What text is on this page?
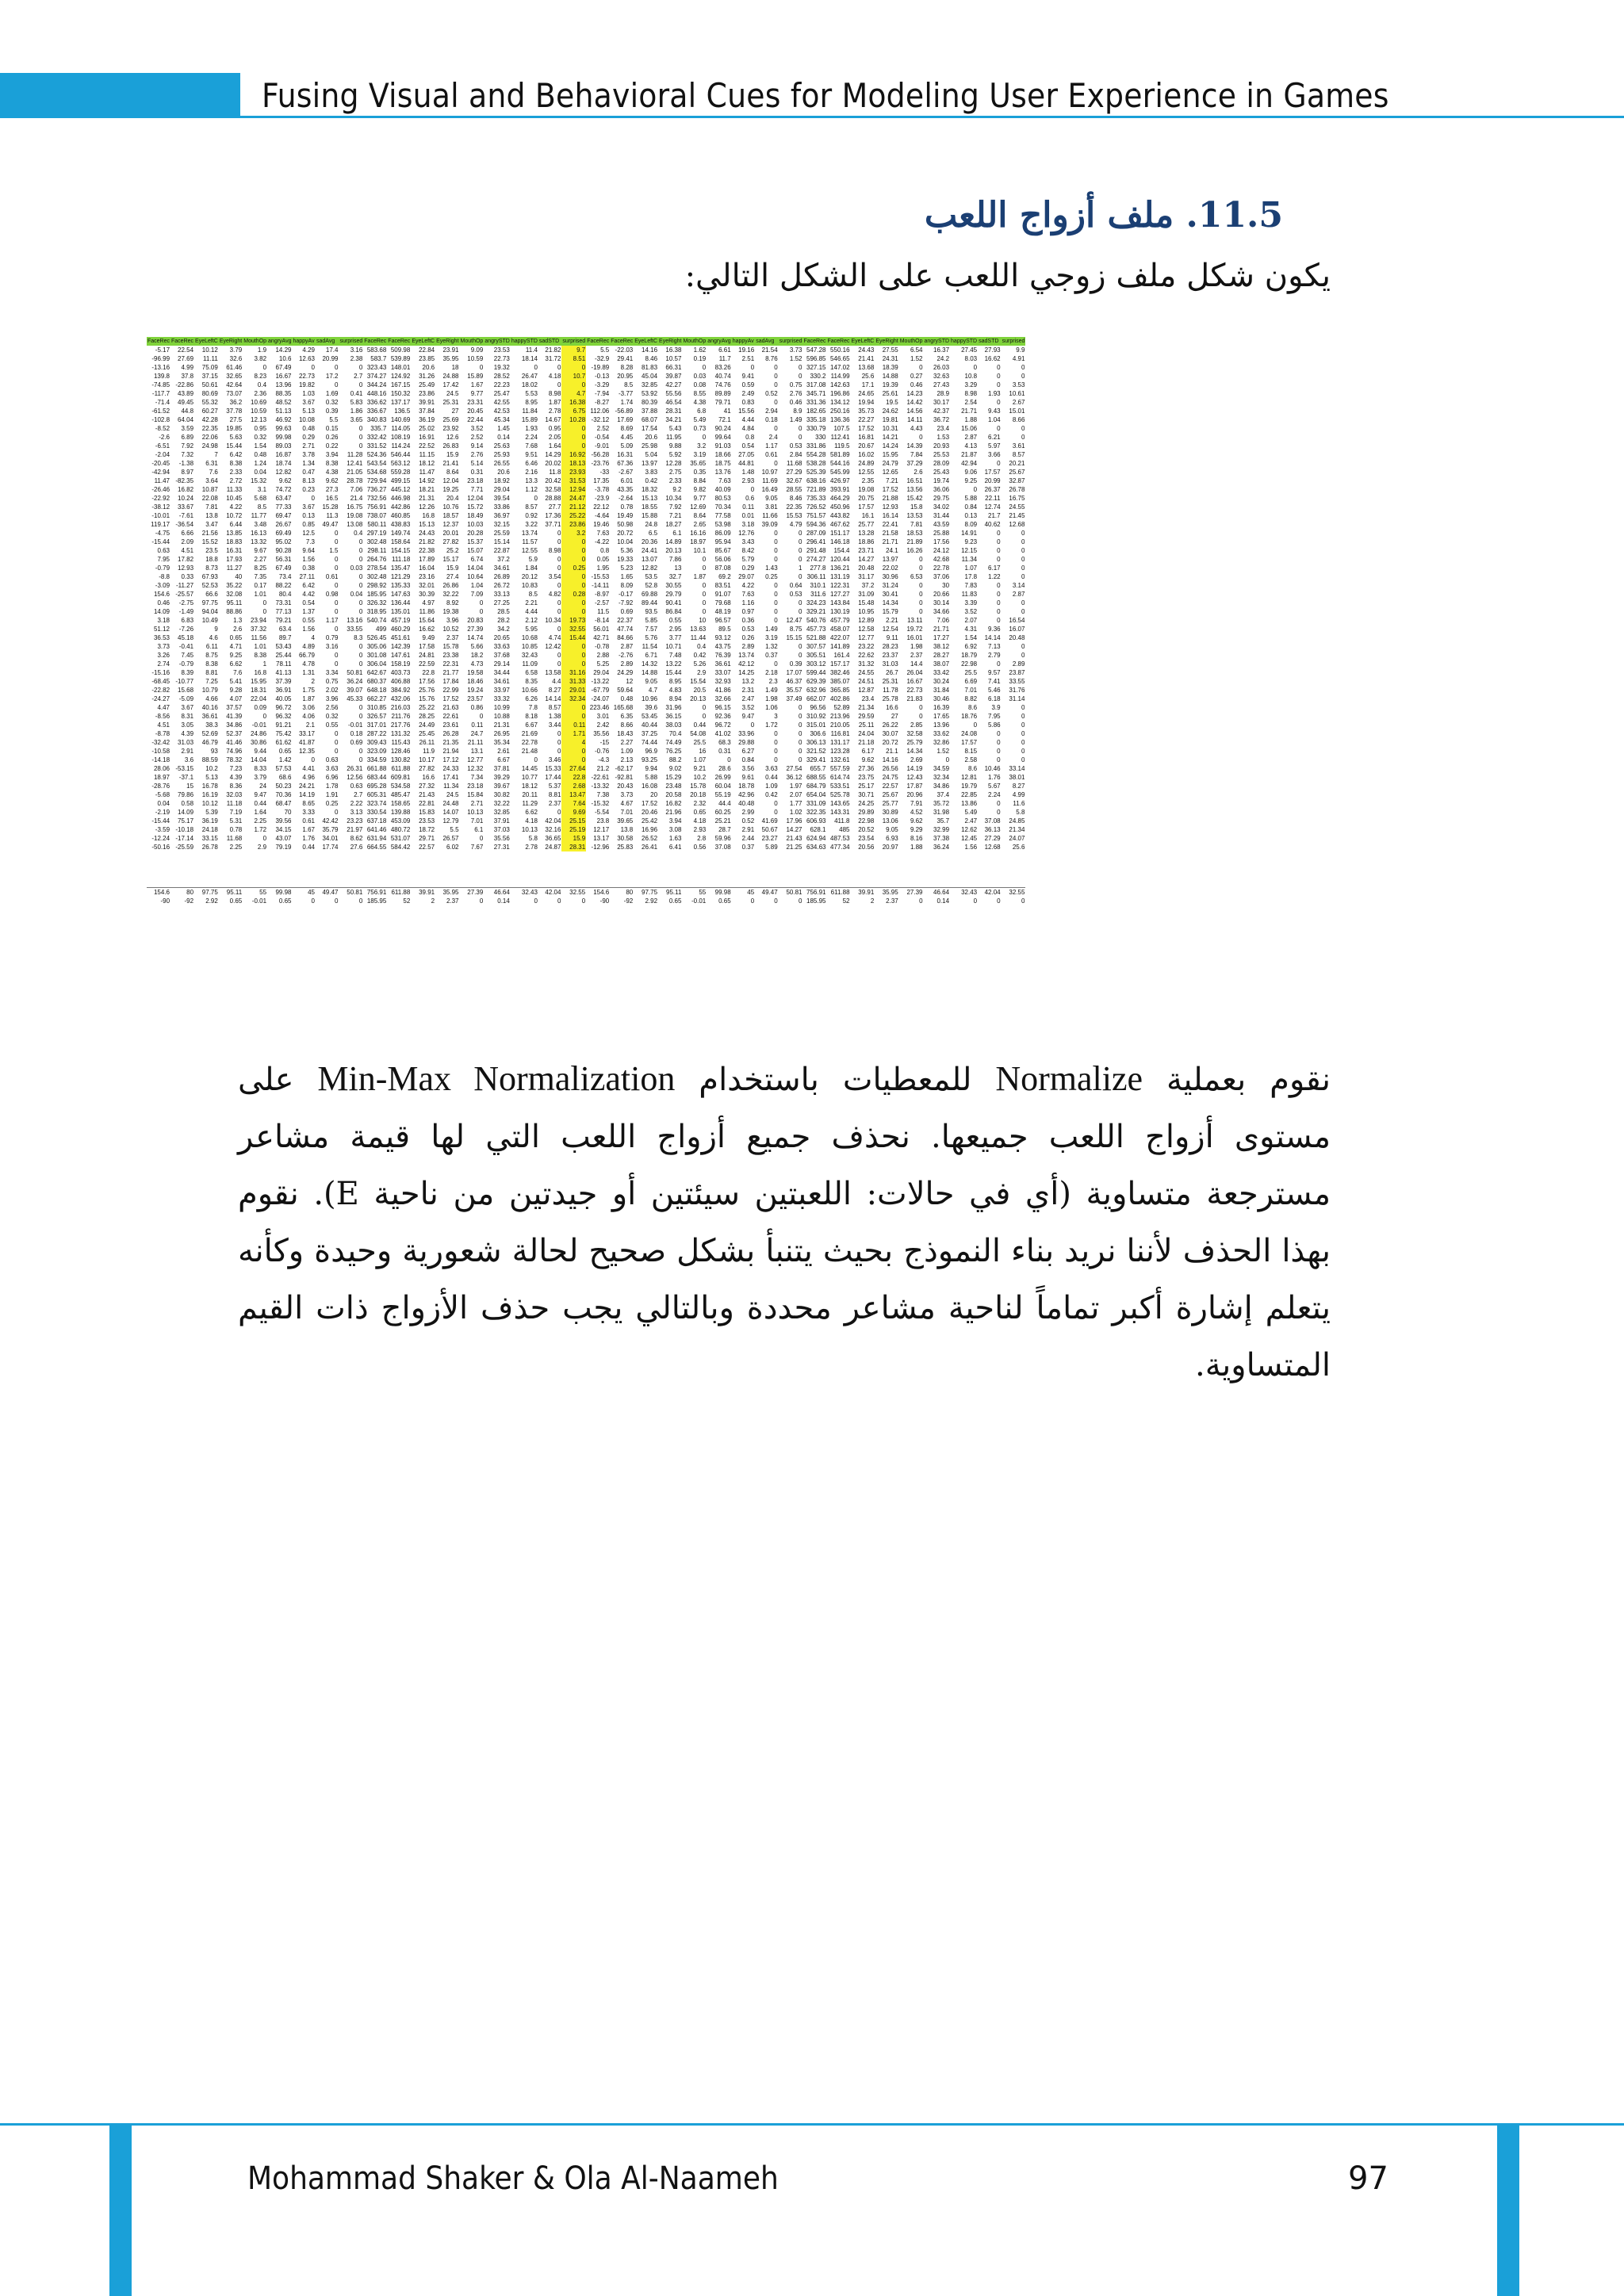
Fusing Visual and Behavioral Cues for Modeling User Experience in Games
11.5. ملف أزواج اللعب
يكون شكل ملف زوجي اللعب على الشكل التالي:
FaceRec	FaceRec	EyeLeftC	EyeRight	MouthOp	angryAvg	happyAv	sadAvg	surprised	FaceRec	FaceRec	EyeLeftC	EyeRight	MouthOp	angrySTD	happySTD	sadSTD	surprised	FaceRec	FaceRec	EyeLeftC	EyeRight	MouthOp	angryAvg	happyAv	sadAvg	surprised	FaceRec	FaceRec	EyeLeftC	EyeRight	MouthOp	angrySTD	happySTD	sadSTD	surprised
-5.17	22.54	10.12	3.79	1.9	14.29	4.29	17.4	3.16	583.68	509.98	22.84	23.91	9.09	23.53	11.4	21.82	9.7	5.5	-22.03	14.16	16.38	1.62	6.61	19.16	21.54	3.73	547.28	550.16	24.43	27.55	6.54	16.37	27.45	27.93	9.9
-96.99	27.69	11.11	32.6	3.82	10.6	12.63	20.99	2.38	583.7	539.89	23.85	35.95	10.59	22.73	18.14	31.72	8.51	-32.9	29.41	8.46	10.57	0.19	11.7	2.51	8.76	1.52	596.85	546.65	21.41	24.31	1.52	24.2	8.03	16.62	4.91
-13.16	4.99	75.09	61.46	0	67.49	0	0	0	323.43	148.01	20.6	18	0	19.32	0	0	0	-19.89	8.28	81.83	66.31	0	83.26	0	0	0	327.15	147.02	13.68	18.39	0	26.03	0	0	0
139.8	37.8	37.15	32.65	8.23	16.67	22.73	17.2	2.7	374.27	124.92	31.26	24.88	15.89	28.52	26.47	4.18	10.7	-0.13	20.95	45.04	39.87	0.03	40.74	9.41	0	0	330.2	114.99	25.6	14.88	0.27	32.63	10.8	0	0
-74.85	-22.86	50.61	42.64	0.4	13.96	19.82	0	0	344.24	167.15	25.49	17.42	1.67	22.23	18.02	0	0	-3.29	8.5	32.85	42.27	0.08	74.76	0.59	0	0.75	317.08	142.63	17.1	19.39	0.46	27.43	3.29	0	3.53
-117.7	43.89	80.69	73.07	2.36	88.35	1.03	1.69	0.41	448.16	150.32	23.86	24.5	9.77	25.47	5.53	8.98	4.7	-7.94	-3.77	53.92	55.56	8.55	89.89	2.49	0.52	2.76	345.71	196.86	24.65	25.61	14.23	28.9	8.98	1.93	10.61
-71.4	49.45	55.32	36.2	10.69	48.52	3.67	0.32	5.83	336.62	137.17	39.91	25.31	23.31	42.55	8.95	1.87	16.38	-8.27	1.74	80.39	46.54	4.38	79.71	0.83	0	0.46	331.36	134.12	19.94	19.5	14.42	30.17	2.54	0	2.67
-61.52	44.8	60.27	37.78	10.59	51.13	5.13	0.39	1.86	336.67	136.5	37.84	27	20.45	42.53	11.84	2.78	6.75	112.06	-56.89	37.88	28.31	6.8	41	15.56	2.94	8.9	182.65	250.16	35.73	24.62	14.56	42.37	21.71	9.43	15.01
-102.8	64.04	42.28	27.5	12.13	46.92	10.08	5.5	3.65	340.83	140.69	36.19	25.69	22.44	45.34	15.89	14.67	10.28	-32.12	17.69	68.07	34.21	5.49	72.1	4.44	0.18	1.49	335.18	136.36	22.27	19.81	14.11	36.72	1.88	1.04	8.66
-8.52	3.59	22.35	19.85	0.95	99.63	0.48	0.15	0	335.7	114.05	25.02	23.92	3.52	1.45	1.93	0.95	0	2.52	8.69	17.54	5.43	0.73	90.24	4.84	0	0	330.79	107.5	17.52	10.31	4.43	23.4	15.06	0	0
-2.6	6.89	22.06	5.63	0.32	99.98	0.29	0.26	0	332.42	108.19	16.91	12.6	2.52	0.14	2.24	2.05	0	-0.54	4.45	20.6	11.95	0	99.64	0.8	2.4	0	330	112.41	16.81	14.21	0	1.53	2.87	6.21	0
-6.51	7.92	24.98	15.44	1.54	89.03	2.71	0.22	0	331.52	114.24	22.52	26.83	9.14	25.63	7.68	1.64	0	-9.01	5.09	25.98	9.88	3.2	91.03	0.54	1.17	0.53	331.86	119.5	20.67	14.24	14.39	20.93	4.13	5.97	3.61
-2.04	7.32	7	6.42	0.48	16.87	3.78	3.94	11.28	524.36	546.44	11.15	15.9	2.76	25.93	9.51	14.29	16.92	-56.28	16.31	5.04	5.92	3.19	18.66	27.05	0.61	2.84	554.28	581.89	16.02	15.95	7.84	25.53	21.87	3.66	8.57
-20.45	-1.38	6.31	8.38	1.24	18.74	1.34	8.38	12.41	543.54	563.12	18.12	21.41	5.14	26.55	6.46	20.02	18.13	-23.76	67.36	13.97	12.28	35.65	18.75	44.81	0	11.68	538.28	544.16	24.89	24.79	37.29	28.09	42.94	0	20.21
-42.94	8.97	7.6	2.33	0.04	12.82	0.47	4.38	21.05	534.68	559.28	11.47	8.64	0.31	20.6	2.16	11.8	23.93	-33	-2.67	3.83	2.75	0.35	13.76	1.48	10.97	27.29	525.39	545.99	12.55	12.65	2.6	25.43	9.06	17.57	25.67
11.47	-82.35	3.64	2.72	15.32	9.62	8.13	9.62	28.78	729.94	499.15	14.92	12.04	23.18	18.92	13.3	20.42	31.53	17.35	6.01	0.42	2.33	8.84	7.63	2.93	11.69	32.67	638.16	426.97	2.35	7.21	16.51	19.74	9.25	20.99	32.87
-26.46	16.82	10.87	11.33	3.1	74.72	0.23	27.3	7.06	736.27	445.12	18.21	19.25	7.71	29.04	1.12	32.58	12.94	-3.78	43.35	18.32	9.2	9.82	40.09	0	16.49	28.55	721.89	393.91	19.08	17.52	13.56	36.06	0	26.37	26.78
-22.92	10.24	22.08	10.45	5.68	63.47	0	16.5	21.4	732.56	446.98	21.31	20.4	12.04	39.54	0	28.88	24.47	-23.9	-2.64	15.13	10.34	9.77	80.53	0.6	9.05	8.46	735.33	464.29	20.75	21.88	15.42	29.75	5.88	22.11	16.75
-38.12	33.67	7.81	4.22	8.5	77.33	3.67	15.28	16.75	756.91	442.86	12.26	10.76	15.72	33.86	8.57	27.7	21.12	22.12	0.78	18.55	7.92	12.69	70.34	0.11	3.81	22.35	726.52	450.96	17.57	12.93	15.8	34.02	0.84	12.74	24.55
-10.01	-7.61	13.8	10.72	11.77	69.47	0.13	11.3	19.08	738.07	460.85	16.8	18.57	18.49	36.97	0.92	17.36	25.22	-4.64	19.49	15.88	7.21	8.64	77.58	0.01	11.66	15.53	751.57	443.82	16.1	16.14	13.53	31.44	0.13	21.7	21.45
119.17	-36.54	3.47	6.44	3.48	26.67	0.85	49.47	13.08	580.11	438.83	15.13	12.37	10.03	32.15	3.22	37.71	23.86	19.46	50.98	24.8	18.27	2.65	53.98	3.18	39.09	4.79	594.36	467.62	25.77	22.41	7.81	43.59	8.09	40.62	12.68
-4.75	6.66	21.56	13.85	16.13	69.49	12.5	0	0.4	297.19	149.74	24.43	20.01	20.28	25.59	13.74	0	3.2	7.63	20.72	6.5	6.1	16.16	86.09	12.76	0	0	287.09	151.17	13.28	21.58	18.53	25.88	14.91	0	0
-15.44	2.09	15.52	18.83	13.32	95.02	7.3	0	0	302.48	158.64	21.82	27.82	15.37	15.14	11.57	0	0	-4.22	10.04	20.36	14.89	18.97	95.94	3.43	0	0	296.41	146.18	18.86	21.71	21.89	17.56	9.23	0	0
0.63	4.51	23.5	16.31	9.67	90.28	9.64	1.5	0	298.11	154.15	22.38	25.2	15.07	22.87	12.55	8.98	0	0.8	5.36	24.41	20.13	10.1	85.67	8.42	0	0	291.48	154.4	23.71	24.1	16.26	24.12	12.15	0	0
7.95	17.82	18.8	17.93	2.27	56.31	1.56	0	0	264.76	111.18	17.89	15.17	6.74	37.2	5.9	0	0	0.05	19.33	13.07	7.86	0	56.06	5.79	0	0	274.27	120.44	14.27	13.97	0	42.68	11.34	0	0
-0.79	12.93	8.73	11.27	8.25	67.49	0.38	0	0.03	278.54	135.47	16.04	15.9	14.04	34.61	1.84	0	0.25	1.95	5.23	12.82	13	0	87.08	0.29	1.43	1	277.8	136.21	20.48	22.02	0	22.78	1.07	6.17	0
-8.8	0.33	67.93	40	7.35	73.4	27.11	0.61	0	302.48	121.29	23.16	27.4	10.64	26.89	20.12	3.54	0	-15.53	1.65	53.5	32.7	1.87	69.2	29.07	0.25	0	306.11	131.19	31.17	30.96	6.53	37.06	17.8	1.22	0
-3.09	-11.27	52.53	35.22	0.17	88.22	6.42	0	0	298.92	135.33	32.01	26.86	1.04	26.72	10.83	0	0	-14.11	8.09	52.8	30.55	0	83.51	4.22	0	0.64	310.1	122.31	37.2	31.24	0	30	7.83	0	3.14
154.6	-25.57	66.6	32.08	1.01	80.4	4.42	0.98	0.04	185.95	147.63	30.39	32.22	7.09	33.13	8.5	4.82	0.28	-8.97	-0.17	69.88	29.79	0	91.07	7.63	0	0.53	311.6	127.27	31.09	30.41	0	20.66	11.83	0	2.87
0.46	-2.75	97.75	95.11	0	73.31	0.54	0	0	326.32	136.44	4.97	8.92	0	27.25	2.21	0	0	-2.57	-7.92	89.44	90.41	0	79.68	1.16	0	0	324.23	143.84	15.48	14.34	0	30.14	3.39	0	0
14.09	-1.49	94.04	88.86	0	77.13	1.37	0	0	318.95	135.01	11.86	19.38	0	28.5	4.44	0	0	11.5	0.69	93.5	86.84	0	48.19	0.97	0	0	329.21	130.19	10.95	15.79	0	34.66	3.52	0	0
3.18	6.83	10.49	1.3	23.94	79.21	0.55	1.17	13.16	540.74	457.19	15.64	3.96	20.83	28.2	2.12	10.34	19.73	-8.14	22.37	5.85	0.55	10	96.57	0.36	0	12.47	540.76	457.79	12.89	2.21	13.11	7.06	2.07	0	16.54
51.12	-7.26	9	2.6	37.32	63.4	1.56	0	33.55	499	460.29	16.62	10.52	27.39	34.2	5.95	0	32.55	56.01	47.74	7.57	2.95	13.63	89.5	0.53	1.49	8.75	457.73	458.07	12.58	12.54	19.72	21.71	4.31	9.36	16.07
36.53	45.18	4.6	0.65	11.56	89.7	4	0.79	8.3	526.45	451.61	9.49	2.37	14.74	20.65	10.68	4.74	15.44	42.71	84.66	5.76	3.77	11.44	93.12	0.26	3.19	15.15	521.88	422.07	12.77	9.11	16.01	17.27	1.54	14.14	20.48
3.73	-0.41	6.11	4.71	1.01	53.43	4.89	3.16	0	305.06	142.39	17.58	15.78	5.66	33.63	10.85	12.42	0	-0.78	2.87	11.54	10.71	0.4	43.75	2.89	1.32	0	307.57	141.89	23.22	28.23	1.98	38.12	6.92	7.13	0
3.26	7.45	8.75	9.25	8.38	25.44	66.79	0	0	301.08	147.61	24.81	23.38	18.2	37.68	32.43	0	0	2.88	-2.76	6.71	7.48	0.42	76.39	13.74	0.37	0	305.51	161.4	22.62	23.37	2.37	28.27	18.79	2.79	0
2.74	-0.79	8.38	6.62	1	78.11	4.78	0	0	306.04	158.19	22.59	22.31	4.73	29.14	11.09	0	0	5.25	2.89	14.32	13.22	5.26	36.61	42.12	0	0.39	303.12	157.17	31.32	31.03	14.4	38.07	22.98	0	2.89
-15.16	8.39	8.81	7.6	16.8	41.13	1.31	3.34	50.81	642.67	403.73	22.8	21.77	19.58	34.44	6.58	13.58	31.16	29.04	24.29	14.88	15.44	2.9	33.07	14.25	2.18	17.07	599.44	382.46	24.55	26.7	26.04	33.42	25.5	9.57	23.87
-68.45	-10.77	7.25	5.41	15.95	37.39	2	0.75	36.24	680.37	406.88	17.56	17.84	18.46	34.61	8.35	4.4	31.33	-13.22	12	9.05	8.95	15.54	32.93	13.2	2.3	46.37	629.39	385.07	24.51	25.31	16.67	30.24	6.69	7.41	33.55
-22.82	15.68	10.79	9.28	18.31	36.91	1.75	2.02	39.07	648.18	384.92	25.76	22.99	19.24	33.97	10.66	8.27	29.01	-67.79	59.64	4.7	4.83	20.5	41.86	2.31	1.49	35.57	632.96	365.85	12.87	11.78	22.73	31.84	7.01	5.46	31.76
-24.27	-5.09	4.66	4.07	22.04	40.05	1.87	3.96	45.33	662.27	432.06	15.76	17.52	23.57	33.32	6.26	14.14	32.34	-24.07	0.48	10.96	8.94	20.13	32.66	2.47	1.98	37.49	662.07	402.86	23.4	25.78	21.83	30.46	8.82	6.18	31.14
4.47	3.67	40.16	37.57	0.09	96.72	3.06	2.56	0	310.85	216.03	25.22	21.63	0.86	10.99	7.8	8.57	0	223.46	165.68	39.6	31.96	0	96.15	3.52	1.06	0	96.56	52.89	21.34	16.6	0	16.39	8.6	3.9	0
-8.56	8.31	36.61	41.39	0	96.32	4.06	0.32	0	326.57	211.76	28.25	22.61	0	10.88	8.18	1.38	0	3.01	6.35	53.45	36.15	0	92.36	9.47	3	0	310.92	213.96	29.59	27	0	17.65	18.76	7.95	0
4.51	3.05	38.3	34.86	-0.01	91.21	2.1	0.55	-0.01	317.01	217.76	24.49	23.61	0.11	21.31	6.67	3.44	0.11	2.42	8.66	40.44	38.03	0.44	96.72	0	1.72	0	315.01	210.05	25.11	26.22	2.85	13.96	0	5.86	0
-8.78	4.39	52.69	52.37	24.86	75.42	33.17	0	0.18	287.22	131.32	25.45	26.28	24.7	26.95	21.69	0	1.71	35.56	18.43	37.25	70.4	54.08	41.02	33.96	0	0	306.6	116.81	24.04	30.07	32.58	33.62	24.08	0	0
-32.42	31.03	46.79	41.46	30.86	61.62	41.87	0	0.69	309.43	115.43	26.11	21.35	21.11	35.34	22.78	0	4	-15	2.27	74.44	74.49	25.5	68.3	29.88	0	0	306.13	131.17	21.18	20.72	25.79	32.86	17.57	0	0
-10.58	2.91	93	74.96	9.44	0.65	12.35	0	0	323.09	128.46	11.9	21.94	13.1	2.61	21.48	0	0	-0.76	1.09	96.9	76.25	16	0.31	6.27	0	0	321.52	123.28	6.17	21.1	14.34	1.52	8.15	0	0
-14.18	3.6	88.59	78.32	14.04	1.42	0	0.63	0	334.59	130.82	10.17	17.12	12.77	6.67	0	3.46	0	-4.3	2.13	93.25	88.2	1.07	0	0.84	0	0	329.41	132.61	9.62	14.16	2.69	0	2.58	0	0
28.06	-53.15	10.2	7.23	8.33	57.53	4.41	3.63	26.31	661.88	611.88	27.82	24.33	12.32	37.81	14.45	15.33	27.64	21.2	-62.17	9.94	9.02	9.21	28.6	3.56	3.63	27.54	655.7	557.59	27.36	26.56	14.19	34.59	8.6	10.46	33.14
18.97	-37.1	5.13	4.39	3.79	68.6	4.96	6.96	12.56	683.44	609.81	16.6	17.41	7.34	39.29	10.77	17.44	22.8	-22.61	-92.81	5.88	15.29	10.2	26.99	9.61	0.44	36.12	688.55	614.74	23.75	24.75	12.43	32.34	12.81	1.76	38.01
-28.76	15	16.78	8.36	24	50.23	24.21	1.78	0.63	695.28	534.58	27.32	11.34	23.18	39.67	18.12	5.37	2.68	-13.32	20.43	16.08	23.48	15.78	60.04	18.78	1.09	1.97	684.79	533.51	25.17	22.57	17.87	34.86	19.79	5.67	8.27
-5.68	79.86	16.19	32.03	9.47	70.36	14.19	1.91	2.7	605.31	485.47	21.43	24.5	15.84	30.82	20.11	8.81	13.47	7.38	3.73	20	20.58	20.18	55.19	42.96	0.42	2.07	654.04	525.78	30.71	25.67	20.96	37.4	22.85	2.24	4.99
0.04	0.58	10.12	11.18	0.44	68.47	8.65	0.25	2.22	323.74	158.65	22.81	24.48	2.71	32.22	11.29	2.37	7.64	-15.32	4.67	17.52	16.82	2.32	44.4	40.48	0	1.77	331.09	143.65	24.25	25.77	7.91	35.72	13.86	0	11.6
-2.19	14.09	5.39	7.19	1.64	70	3.33	0	3.13	330.54	139.88	15.83	14.07	10.13	32.85	6.62	0	9.69	-5.54	7.01	20.46	21.96	0.65	60.25	2.99	0	1.02	322.35	143.31	29.89	30.89	4.52	31.98	5.49	0	5.8
-15.44	75.17	36.19	5.31	2.25	39.56	0.61	42.42	23.23	637.18	453.09	23.53	12.79	7.01	37.91	4.18	42.04	25.15	23.8	39.65	25.42	3.94	4.18	25.21	0.52	41.69	17.96	606.93	411.8	22.98	13.06	9.62	35.7	2.47	37.08	24.85
-3.59	-10.18	24.18	0.78	1.72	34.15	1.67	35.79	21.97	641.46	480.72	18.72	5.5	6.1	37.03	10.13	32.16	25.19	12.17	13.8	16.96	3.08	2.93	28.7	2.91	50.67	14.27	628.1	485	20.52	9.05	9.29	32.99	12.62	36.13	21.34
-12.24	-17.14	33.15	11.68	0	43.07	1.76	34.01	8.62	631.94	531.07	29.71	26.57	0	35.56	5.8	36.65	15.9	13.17	30.58	26.52	1.63	2.8	59.96	2.44	23.27	21.43	624.94	487.53	23.54	6.93	8.16	37.38	12.45	27.29	24.07
-50.16	-25.59	26.78	2.25	2.9	79.19	0.44	17.74	27.6	664.55	584.42	22.57	6.02	7.67	27.31	2.78	24.87	28.31	-12.96	25.83	26.41	6.41	0.56	37.08	0.37	5.89	21.25	634.63	477.34	20.56	20.97	1.88	36.24	1.56	12.68	25.6

154.6	80	97.75	95.11	55	99.98	45	49.47	50.81	756.91	611.88	39.91	35.95	27.39	46.64	32.43	42.04	32.55	154.6	80	97.75	95.11	55	99.98	45	49.47	50.81	756.91	611.88	39.91	35.95	27.39	46.64	32.43	42.04	32.55
-90	-92	2.92	0.65	-0.01	0.65	0	0	0	185.95	52	2	2.37	0	0.14	0	0	0	-90	-92	2.92	0.65	-0.01	0.65	0	0	0	185.95	52	2	2.37	0	0.14	0	0	0
نقوم بعملية Normalize للمعطيات باستخدام Min-Max Normalization على مستوى أزواج اللعب جميعها. نحذف جميع أزواج اللعب التي لها قيمة مشاعر مسترجعة متساوية (أي في حالات: اللعبتين سيئتين أو جيدتين من ناحية E). نقوم بهذا الحذف لأننا نريد بناء النموذج بحيث يتنبأ بشكل صحيح لحالة شعورية وحيدة وكأنه يتعلم إشارة أكبر تماماً لناحية مشاعر محددة وبالتالي يجب حذف الأزواج ذات القيم المتساوية.
Mohammad Shaker & Ola Al-Naameh	97
